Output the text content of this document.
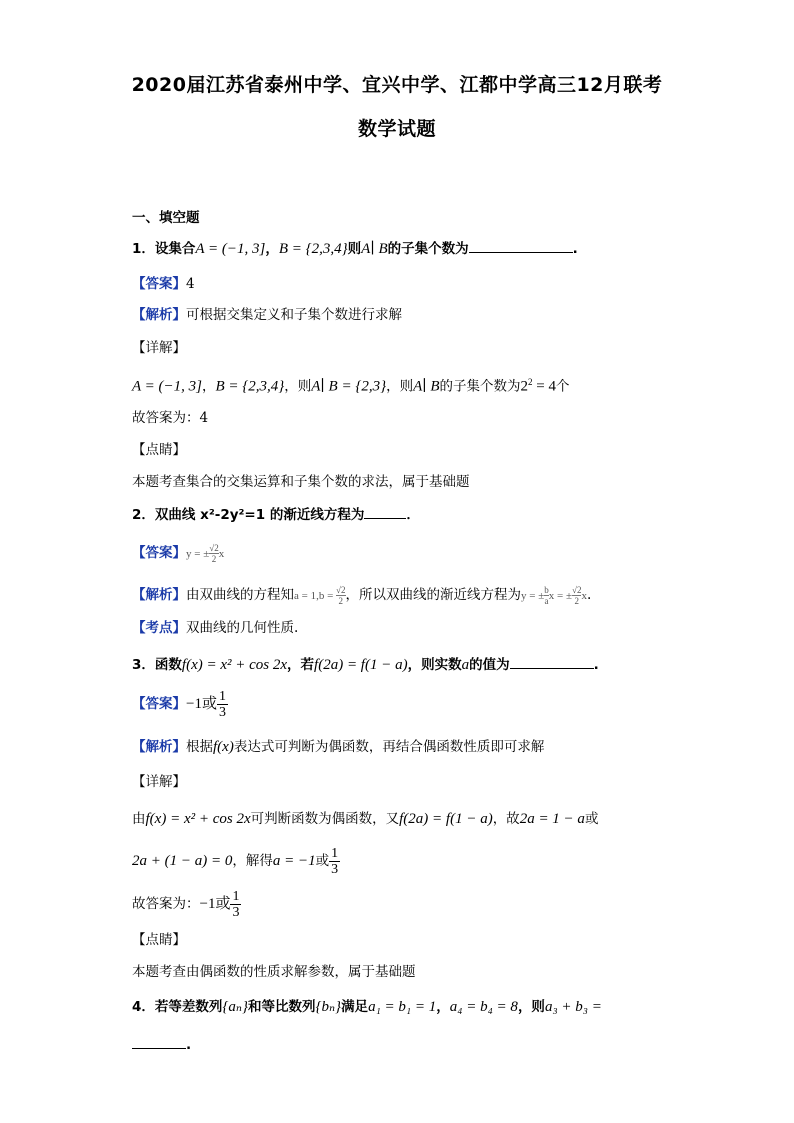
2020届江苏省泰州中学、宜兴中学、江都中学高三12月联考
数学试题
一、填空题
1．设集合A = (−1, 3]，B = {2,3,4}则A∣ B的子集个数为	.
【答案】4
【解析】可根据交集定义和子集个数进行求解
【详解】
A = (−1, 3]，B = {2,3,4}，则A∣ B = {2,3}，则A∣ B的子集个数为$2^2 = 4$个
故答案为：4
【点睛】
本题考查集合的交集运算和子集个数的求法，属于基础题
2．双曲线 x²-2y²=1 的渐近线方程为	．
【答案】y = ± $\frac{√2}{2}$ x
【解析】由双曲线的方程知$a = 1,b = \frac{√2}{2}$ ，所以双曲线的渐近线方程为y = ± $\frac{b}{a}$ x = ± $\frac{√2}{2} x$.
【考点】双曲线的几何性质.
3．函数f(x) = x² + cos 2x，若f(2a) = f(1 − a)，则实数a的值为	.
【答案】−1或 $\frac{1}{3}$
【解析】根据f(x)表达式可判断为偶函数，再结合偶函数性质即可求解
【详解】
由f(x) = x² + cos 2x可判断函数为偶函数，又f(2a) = f(1 − a)，故2a = 1 − a或
2a + (1 − a) = 0，解得a = −1或 $\frac{1}{3}$
故答案为：−1或 $\frac{1}{3}$
【点睛】
本题考查由偶函数的性质求解参数，属于基础题
4．若等差数列{aₙ}和等比数列{bₙ}满足a₁ = b₁ = 1，a₄ = b₄ = 8，则a₃ + b₃ =
.
